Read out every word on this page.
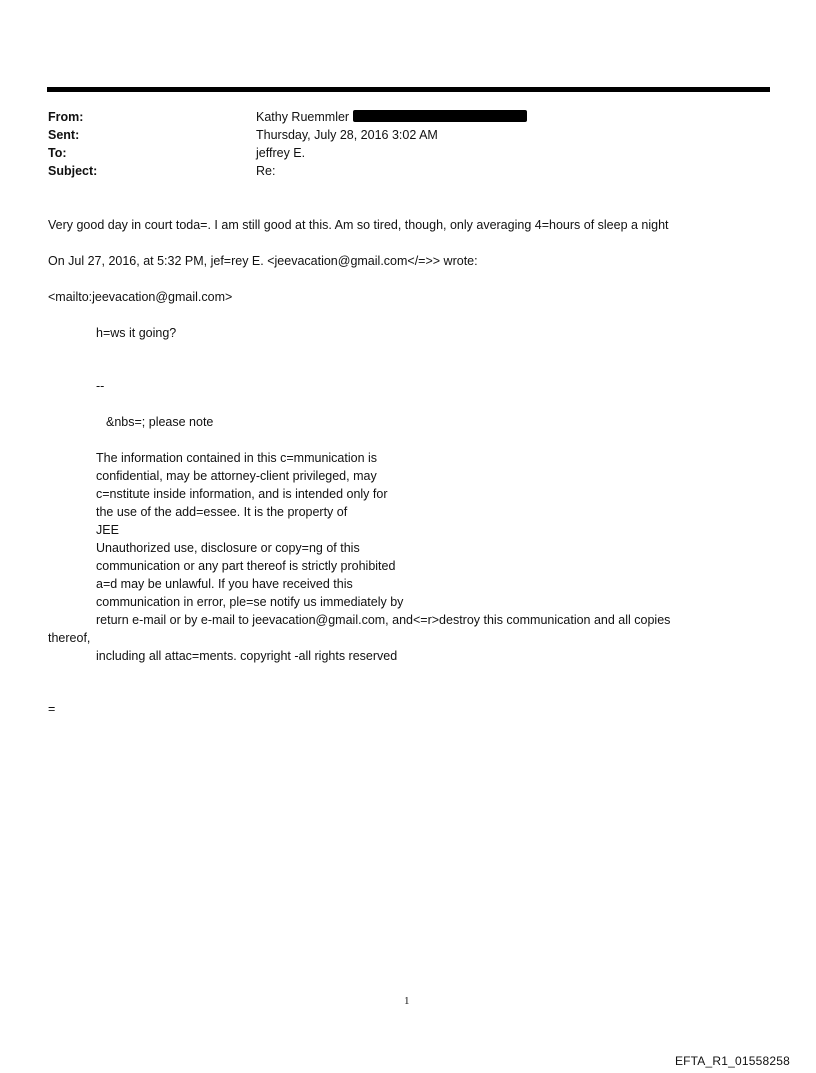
From:	Kathy Ruemmler
Sent:	Thursday, July 28, 2016 3:02 AM
To:	jeffrey E.
Subject:	Re:
Very good day in court toda=. I am still good at this. Am so tired, though, only averaging 4=hours of sleep a night
On Jul 27, 2016, at 5:32 PM, jef=rey E. <jeevacation@gmail.com</=>> wrote:
<mailto:jeevacation@gmail.com>
h=ws it going?
--
&nbs=; please note
The information contained in this c=mmunication is
confidential, may be attorney-client privileged, may
c=nstitute inside information, and is intended only for
the use of the add=essee. It is the property of
JEE
Unauthorized use, disclosure or copy=ng of this
communication or any part thereof is strictly prohibited
a=d may be unlawful. If you have received this
communication in error, ple=se notify us immediately by
return e-mail or by e-mail to jeevacation@gmail.com, and<=r>destroy this communication and all copies
thereof,
including all attac=ments. copyright -all rights reserved
=
1
EFTA_R1_01558258
